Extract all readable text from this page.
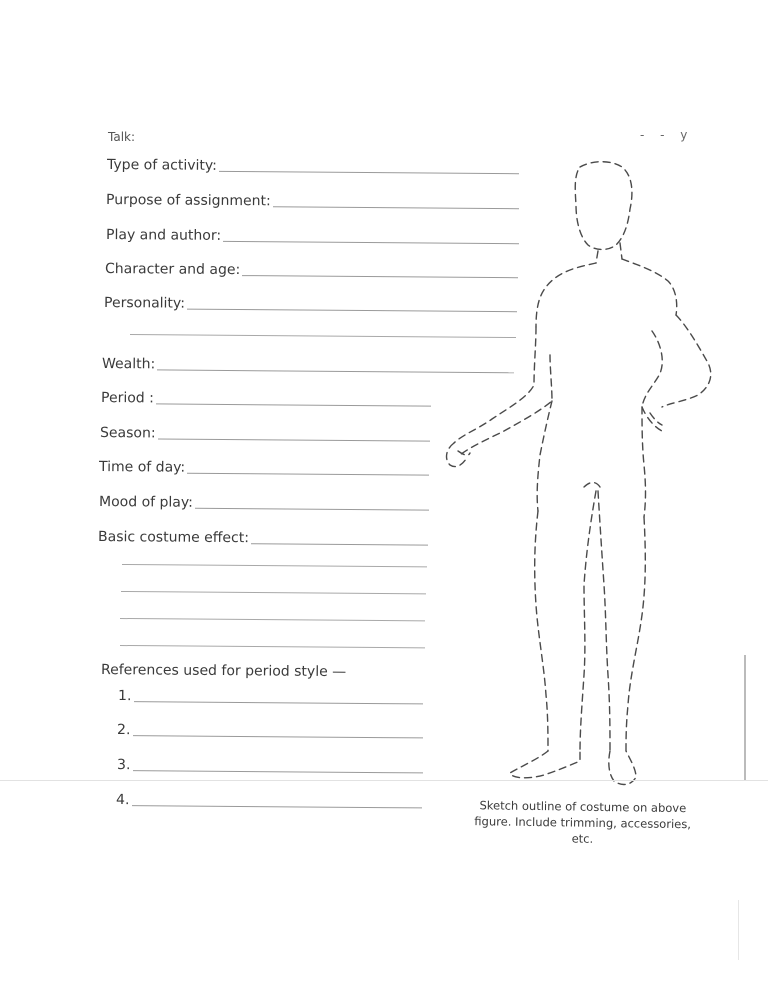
Talk:	- - y
Type of activity:
Purpose of assignment:
Play and author:
Character and age:
Personality:
Wealth:
Period :
Season:
Time of day:
Mood of play:
Basic costume effect:
References used for period style —
1.
2.
3.
4.	Sketch outline of costume on above
figure. Include trimming, accessories, etc.
